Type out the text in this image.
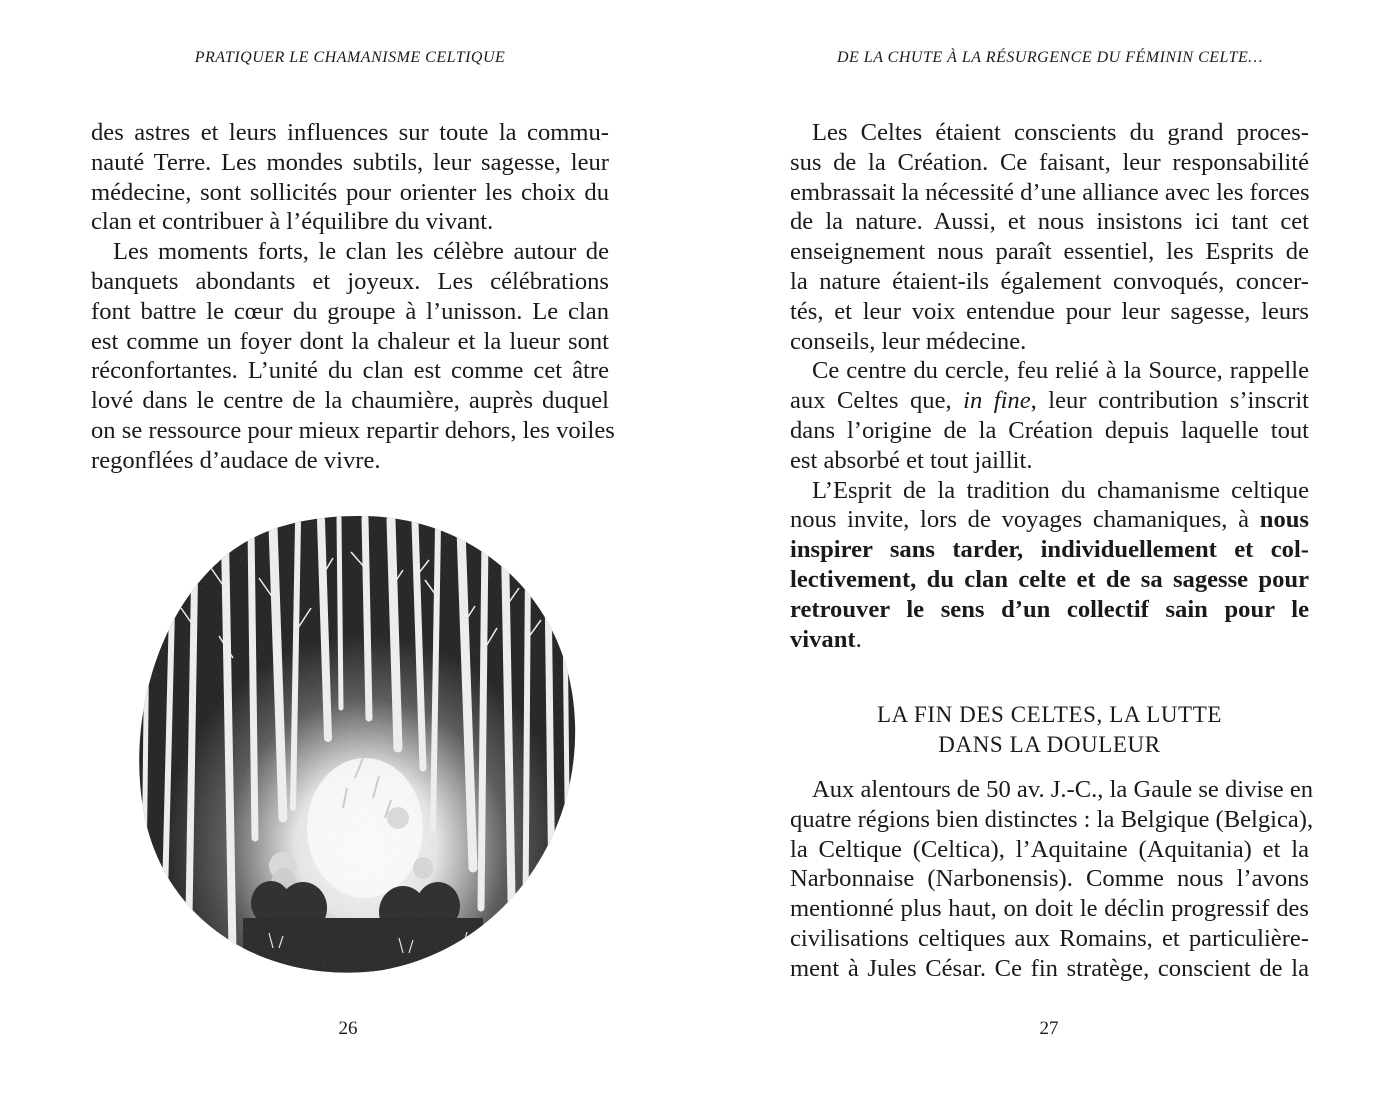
PRATIQUER LE CHAMANISME CELTIQUE
des astres et leurs influences sur toute la commu-
nauté Terre. Les mondes subtils, leur sagesse, leur
médecine, sont sollicités pour orienter les choix du
clan et contribuer à l’équilibre du vivant.
Les moments forts, le clan les célèbre autour de
banquets abondants et joyeux. Les célébrations
font battre le cœur du groupe à l’unisson. Le clan
est comme un foyer dont la chaleur et la lueur sont
réconfortantes. L’unité du clan est comme cet âtre
lové dans le centre de la chaumière, auprès duquel
on se ressource pour mieux repartir dehors, les voiles
regonflées d’audace de vivre.
26
DE LA CHUTE À LA RÉSURGENCE DU FÉMININ CELTE…
Les Celtes étaient conscients du grand proces-
sus de la Création. Ce faisant, leur responsabilité
embrassait la nécessité d’une alliance avec les forces
de la nature. Aussi, et nous insistons ici tant cet
enseignement nous paraît essentiel, les Esprits de
la nature étaient-ils également convoqués, concer-
tés, et leur voix entendue pour leur sagesse, leurs
conseils, leur médecine.
Ce centre du cercle, feu relié à la Source, rappelle
aux Celtes que, in fine, leur contribution s’inscrit
dans l’origine de la Création depuis laquelle tout
est absorbé et tout jaillit.
L’Esprit de la tradition du chamanisme celtique
nous invite, lors de voyages chamaniques, à nous
inspirer sans tarder, individuellement et col-
lectivement, du clan celte et de sa sagesse pour
retrouver le sens d’un collectif sain pour le
vivant.
LA FIN DES CELTES, LA LUTTE
DANS LA DOULEUR
Aux alentours de 50 av. J.-C., la Gaule se divise en
quatre régions bien distinctes : la Belgique (Belgica),
la Celtique (Celtica), l’Aquitaine (Aquitania) et la
Narbonnaise (Narbonensis). Comme nous l’avons
mentionné plus haut, on doit le déclin progressif des
civilisations celtiques aux Romains, et particulière-
ment à Jules César. Ce fin stratège, conscient de la
27
